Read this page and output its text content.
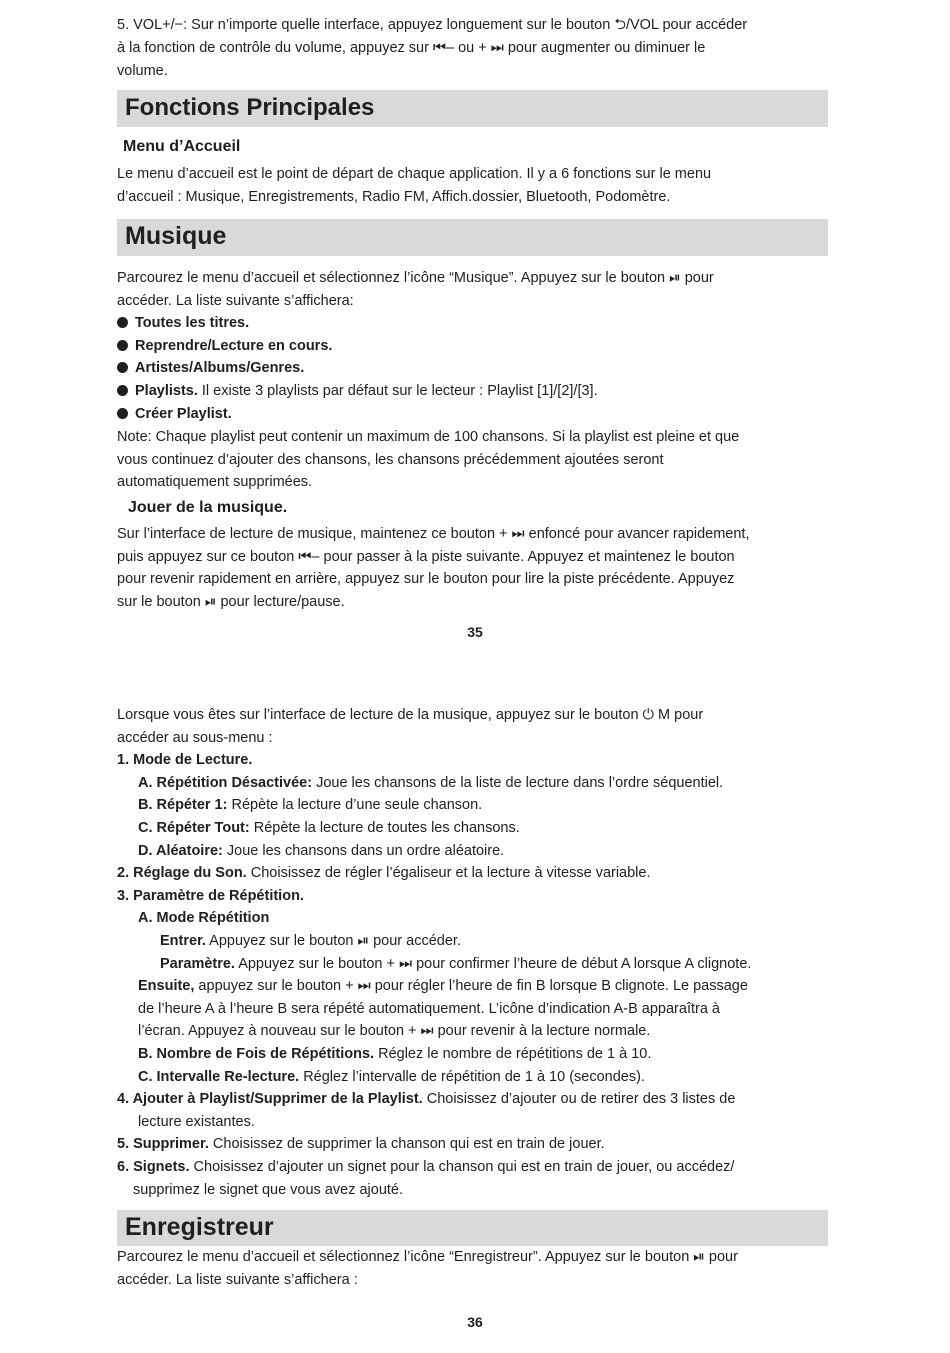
5. VOL+/−: Sur n’importe quelle interface, appuyez longuement sur le bouton ⮌/VOL pour accéder
à la fonction de contrôle du volume, appuyez sur ⏮– ou + ⏭ pour augmenter ou diminuer le
volume.
Fonctions Principales
Menu d’Accueil
Le menu d’accueil est le point de départ de chaque application. Il y a 6 fonctions sur le menu
d’accueil : Musique, Enregistrements, Radio FM, Affich.dossier, Bluetooth, Podomètre.
Musique
Parcourez le menu d’accueil et sélectionnez l’icône “Musique”. Appuyez sur le bouton ⏯ pour
accéder. La liste suivante s’affichera:
Toutes les titres.
Reprendre/Lecture en cours.
Artistes/Albums/Genres.
Playlists. Il existe 3 playlists par défaut sur le lecteur : Playlist [1]/[2]/[3].
Créer Playlist.
Note: Chaque playlist peut contenir un maximum de 100 chansons. Si la playlist est pleine et que
vous continuez d’ajouter des chansons, les chansons précédemment ajoutées seront
automatiquement supprimées.
Jouer de la musique.
Sur l’interface de lecture de musique, maintenez ce bouton + ⏭ enfoncé pour avancer rapidement,
puis appuyez sur ce bouton ⏮– pour passer à la piste suivante. Appuyez et maintenez le bouton
pour revenir rapidement en arrière, appuyez sur le bouton pour lire la piste précédente. Appuyez
sur le bouton ⏯ pour lecture/pause.
35
Lorsque vous êtes sur l’interface de lecture de la musique, appuyez sur le bouton ⏻ M pour
accéder au sous-menu :
1. Mode de Lecture.
A. Répétition Désactivée: Joue les chansons de la liste de lecture dans l’ordre séquentiel.
B. Répéter 1: Répète la lecture d’une seule chanson.
C. Répéter Tout: Répète la lecture de toutes les chansons.
D. Aléatoire: Joue les chansons dans un ordre aléatoire.
2. Réglage du Son. Choisissez de régler l’égaliseur et la lecture à vitesse variable.
3. Paramètre de Répétition.
A. Mode Répétition
Entrer. Appuyez sur le bouton ⏯ pour accéder.
Paramètre. Appuyez sur le bouton + ⏭ pour confirmer l’heure de début A lorsque A clignote.
Ensuite, appuyez sur le bouton + ⏭ pour régler l’heure de fin B lorsque B clignote. Le passage
de l’heure A à l’heure B sera répété automatiquement. L’icône d’indication A-B apparaîtra à
l’écran. Appuyez à nouveau sur le bouton + ⏭ pour revenir à la lecture normale.
B. Nombre de Fois de Répétitions. Réglez le nombre de répétitions de 1 à 10.
C. Intervalle Re-lecture. Réglez l’intervalle de répétition de 1 à 10 (secondes).
4. Ajouter à Playlist/Supprimer de la Playlist. Choisissez d’ajouter ou de retirer des 3 listes de
lecture existantes.
5. Supprimer. Choisissez de supprimer la chanson qui est en train de jouer.
6. Signets. Choisissez d’ajouter un signet pour la chanson qui est en train de jouer, ou accédez/
supprimez le signet que vous avez ajouté.
Enregistreur
Parcourez le menu d’accueil et sélectionnez l’icône “Enregistreur”. Appuyez sur le bouton ⏯ pour
accéder. La liste suivante s’affichera :
36
